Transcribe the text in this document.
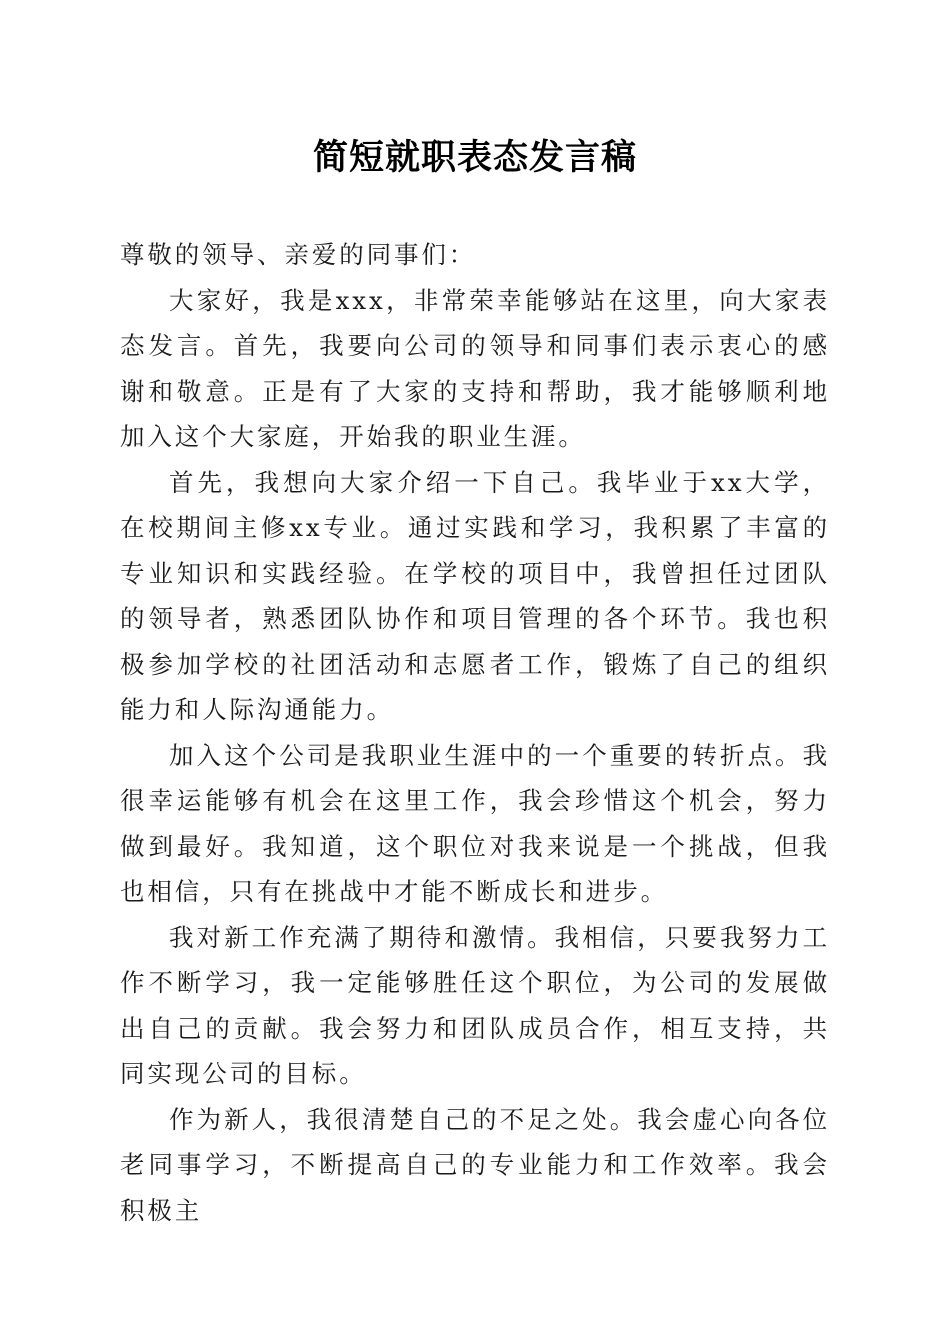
简短就职表态发言稿

尊敬的领导、亲爱的同事们：

大家好，我是xxx，非常荣幸能够站在这里，向大家表态发言。首先，我要向公司的领导和同事们表示衷心的感谢和敬意。正是有了大家的支持和帮助，我才能够顺利地加入这个大家庭，开始我的职业生涯。

首先，我想向大家介绍一下自己。我毕业于xx大学，在校期间主修xx专业。通过实践和学习，我积累了丰富的专业知识和实践经验。在学校的项目中，我曾担任过团队的领导者，熟悉团队协作和项目管理的各个环节。我也积极参加学校的社团活动和志愿者工作，锻炼了自己的组织能力和人际沟通能力。

加入这个公司是我职业生涯中的一个重要的转折点。我很幸运能够有机会在这里工作，我会珍惜这个机会，努力做到最好。我知道，这个职位对我来说是一个挑战，但我也相信，只有在挑战中才能不断成长和进步。

我对新工作充满了期待和激情。我相信，只要我努力工作不断学习，我一定能够胜任这个职位，为公司的发展做出自己的贡献。我会努力和团队成员合作，相互支持，共同实现公司的目标。

作为新人，我很清楚自己的不足之处。我会虚心向各位老同事学习，不断提高自己的专业能力和工作效率。我会积极主
